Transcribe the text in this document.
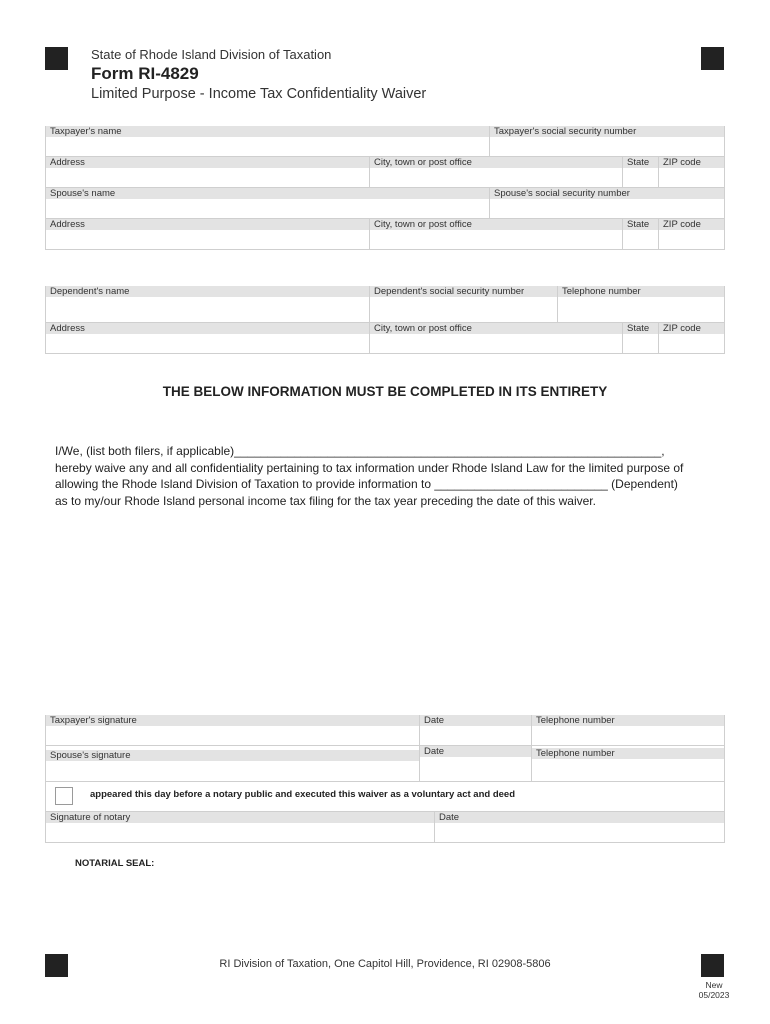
State of Rhode Island Division of Taxation
Form RI-4829
Limited Purpose - Income Tax Confidentiality Waiver
Taxpayer's name	Taxpayer's social security number
Address	City, town or post office	State	ZIP code
Spouse's name	Spouse's social security number
Address	City, town or post office	State	ZIP code
Dependent's name	Dependent's social security number	Telephone number
Address	City, town or post office	State	ZIP code
THE BELOW INFORMATION MUST BE COMPLETED IN ITS ENTIRETY
I/We, (list both filers, if applicable)________________________________________________________________,
hereby waive any and all confidentiality pertaining to tax information under Rhode Island Law for the limited purpose of
allowing the Rhode Island Division of Taxation to provide information to __________________________ (Dependent)
as to my/our Rhode Island personal income tax filing for the tax year preceding the date of this waiver.
Taxpayer's signature	Date	Telephone number
Spouse's signature	Date	Telephone number
appeared this day before a notary public and executed this waiver as a voluntary act and deed
Signature of notary	Date
NOTARIAL SEAL:
RI Division of Taxation, One Capitol Hill, Providence, RI 02908-5806
New
05/2023
